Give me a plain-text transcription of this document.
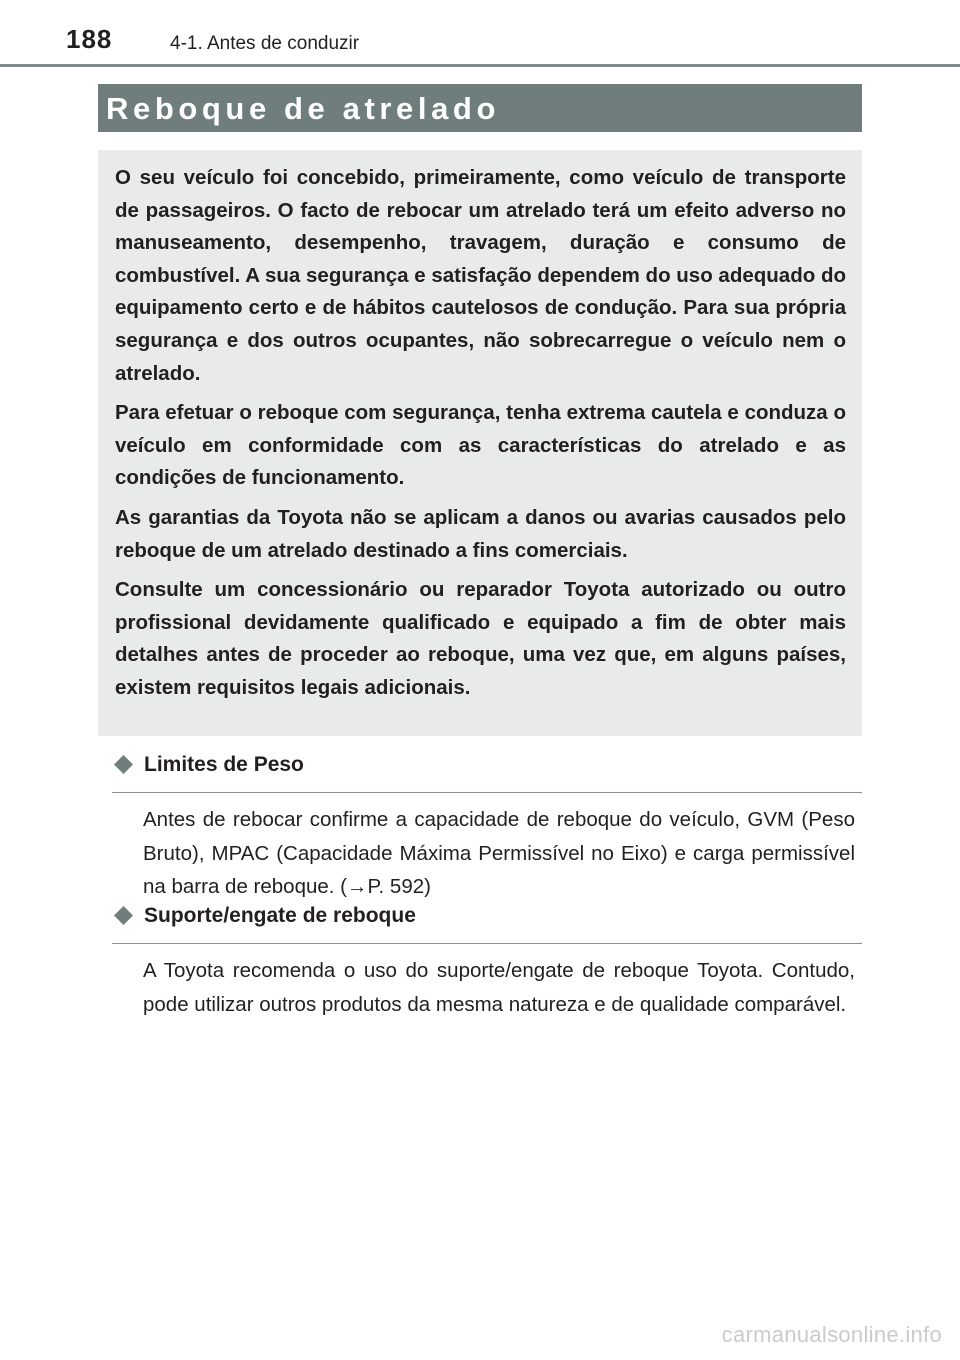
188	4-1. Antes de conduzir
Reboque de atrelado

O seu veículo foi concebido, primeiramente, como veículo de transporte de passageiros. O facto de rebocar um atrelado terá um efeito adverso no manuseamento, desempenho, travagem, duração e consumo de combustível. A sua segurança e satisfação dependem do uso adequado do equipamento certo e de hábitos cautelosos de condução. Para sua própria segurança e dos outros ocupantes, não sobrecarregue o veículo nem o atrelado.

Para efetuar o reboque com segurança, tenha extrema cautela e conduza o veículo em conformidade com as características do atrelado e as condições de funcionamento.

As garantias da Toyota não se aplicam a danos ou avarias causados pelo reboque de um atrelado destinado a fins comerciais.

Consulte um concessionário ou reparador Toyota autorizado ou outro profissional devidamente qualificado e equipado a fim de obter mais detalhes antes de proceder ao reboque, uma vez que, em alguns países, existem requisitos legais adicionais.

Limites de Peso
Antes de rebocar confirme a capacidade de reboque do veículo, GVM (Peso Bruto), MPAC (Capacidade Máxima Permissível no Eixo) e carga permissível na barra de reboque. (→P. 592)
Suporte/engate de reboque
A Toyota recomenda o uso do suporte/engate de reboque Toyota. Contudo, pode utilizar outros produtos da mesma natureza e de qualidade comparável.
carmanualsonline.info
